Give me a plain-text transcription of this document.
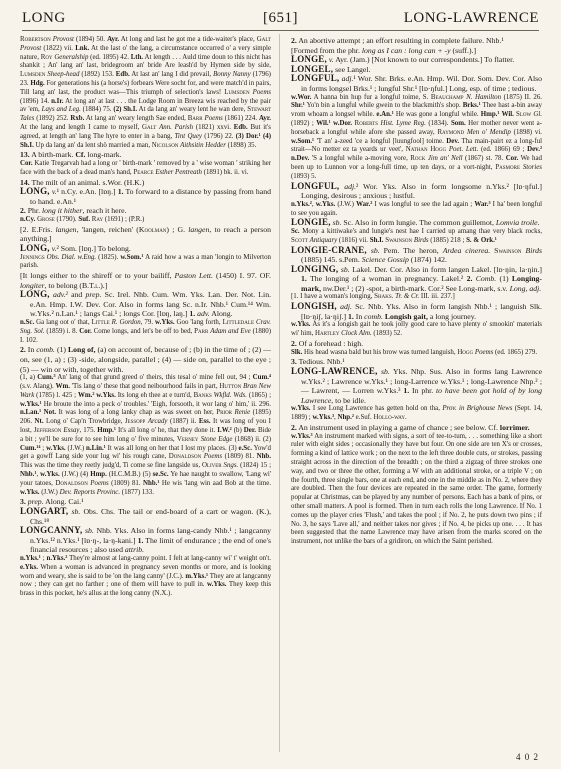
LONG	[651]	LONG-LAWRENCE

Robertson Provost (1894) 50. Ayr. At long and last he got me a tide-waiter's place, Galt Provost (1822) vii. Lnk. At the last o' the lang, a circumstance occurred o' a very simple nature, Roy Generalship (ed. 1895) 42. Lth. At length . . . Auld time doun to this nicht has shankit ; An' lang an' last, bridegroom an' bride Are leash'd by Hymen side by side, Lumsden Sheep-head (1892) 153. Edb. At last an' lang I did prevail, Bonny Nanny (1796) 23. Hdg. For generations his (a horse's) forbears Were socht for, and were match'd in pairs, Till lang an' last, the product was—This triumph of selection's laws! Lumsden Poems (1896) 14. n.Ir. At long an' at last . . . the Lodge Room in Breeza wis reached by the pair av 'em, Lays and Leg. (1884) 75. (2) Sh.I. At da lang an' weary lent he wan dere, Stewart Tales (1892) 252. Rxb. At lang an' weary length Sae ended, Barr Poems (1861) 224. Ayr. At the lang and length I came to myself, Galt Ann. Parish (1821) xxvi. Edb. But it's agreed, at length an' lang The hyre to enter in a bang, Tint Quey (1796) 22. (3) Dor.¹ (4) Sh.I. Up da lang an' da lent shö married a man, Nicolson Aithsitin Hedder (1898) 35.

13. A birth-mark. Cf. long-mark.

Cor. Katie Tregarvah had a long or ' birth-mark ' removed by a ' wise woman ' striking her face with the back of a dead man's hand, Pearce Esther Pentreath (1891) bk. ii. vi.

14. The milt of an animal. s.Wor. (H.K.)

LONG, v.¹ n.Cy. e.An. [lɒŋ.] 1. To forward to a distance by passing from hand to hand. e.An.¹

2. Phr. long it hither, reach it here.

n.Cy. Grose (1790). Suf. Ray (1691) ; (P.R.)

[2. E.Fris. langen, 'langen, reichen' (Koolman) ; G. langen, to reach a person anything.]

LONG, v.² Som. [lɒŋ.] To belong.

Jennings Obs. Dial. w.Eng. (1825). w.Som.¹ A raid how a was a man 'longin to Milverton parish.

[It longs either to the shireff or to your bailiff, Paston Lett. (1450) I. 97. OF. longiter, to belong (B.T.l.).]

LONG, adv.² and prep. Sc. Irel. Nhb. Cum. Wm. Yks. Lan. Der. Not. Lin. e.An. Hmp. I.W. Dev. Cor. Also in forms lang Sc. n.Ir. Nhb.¹ Cum.¹⁴ Wm. w.Yks.² n.Lan.¹ ; langs Cai.¹ ; longs Cor. [lɒŋ, laŋ.] 1. adv. Along.

n.Sc. Ga lang oot o' that, Little R. Gordon, 79. w.Yks. Goo 'lang forth, Littledale Crav. Sng. Sol. (1859) i. 8. Cor. Come longs, and let's be off to bed, Parr Adam and Eve (1880) I. 102.

2. In comb. (1) Long of, (a) on account of, because of ; (b) in the time of ; (2) — on, see (1, a) ; (3) -side, alongside, parallel ; (4) — side on, parallel to the eye ; (5) — win or with, together with.

(1, a) Cum.³ An' lang of that grund greed o' theirs, this tesal o' mine fell out, 94 ; Cum.⁴ (s.v. Alang). Wm. 'Tis lang o' these that good neibourhood fails in part, Hutton Bran New Wark (1785) l. 425 ; Wm.² w.Yks. Its long eh thee at e turn'd, Banks Wkfld. Wds. (1865) ; w.Yks.¹ He broute the into a peck o' troubles.' 'Eigh, forsooth, it wor lang o' him,' ii. 296. n.Lan.¹ Not. It was long of a long lanky chap as was sweet on her, Prior Renie (1895) 206. Nt. Long o' Cap'n Trowbridge, Jessopp Arcady (1887) ii. Ess. It was long of you I lost, Jefferson Essay, 175. Hmp.¹ It's all long o' he, that they done it. I.W.² (b) Der. Bide a bit ; ye'll be sure for to see him long o' five minutes, Verney Stone Edge (1868) ii. (2) Cum.¹⁴ ; w.Yks. (J.W.) n.Lin.¹ It was all long on her that I lost my places. (3) e.Sc. Yow'd get a gowff Lang side your lug wi' his rough cane, Donaldson Poems (1809) 81. Nhb. This was the time they reetly judg'd, Ti come se fine langside us, Oliver Sngs. (1824) 15 ; Nhb.¹, w.Yks. (J.W.) (4) Hmp. (H.C.M.B.) (5) se.Sc. Ye hae naught to swallow, 'Lang wi' your tatoes, Donaldson Poems (1809) 81. Nhb.¹ He wis 'lang win aad Bob at the time. w.Yks. (J.W.) Dev. Reports Provinc. (1877) 133.

3. prep. Along. Cai.¹

LONGART, sb. Obs. Chs. The tail or end-board of a cart or wagon. (K.), Chs.¹⁸

LONGCANNY, sb. Nhb. Yks. Also in forms lang-candy Nhb.¹ ; langcanny n.Yks.¹² n.Yks.¹ [lɒ·ŋ-, la·ŋ-kani.] 1. The limit of endurance ; the end of one's financial resources ; also used attrib.

n.Yks.¹ ; n.Yks.² They're almost at lang-canny point. I felt at lang-canny wi' t' weight on't. e.Yks. When a woman is advanced in pregnancy seven months or more, and is looking worn and weary, she is said to be 'on the lang canny' (J.C.). m.Yks.¹ They are at langcanny now ; they can get no farther ; one of them will have to pull in. w.Yks. They keep this brass in this pocket, he's allus at the long canny (N.X.).

2. An abortive attempt ; an effort resulting in complete failure. Nhb.¹

[Formed from the phr. long as I can : long can + -y (suff.).]

LONGE, v. Ayr. (Jam.) [Not known to our correspondents.] To flatter.

LONGEL, see Langel.

LONGFUL, adj.¹ Wor. Shr. Brks. e.An. Hmp. Wil. Dor. Som. Dev. Cor. Also in forms longsel Brks.¹ ; lungful Shr.¹ [lɒ·ŋful.] Long, esp. of time ; tedious.

w.Wor. A hanna bin hup fur a longful toime, S. Beauchamp N. Hamilton (1875) II. 26. Shr.¹ Yo'n bin a lungful while gwein to the blackmith's shop. Brks.¹ Thee hast a-bin away vrom whoam a longsel while. e.An.¹ He was gone a longful while. Hmp.¹ Wil. Slow Gl. (1892) ; Wil.¹ w.Dor. Roberts Hist. Lyme Reg. (1834). Som. Her mother never went a-horseback a longful while afore she passed away, Raymond Men o' Mendip (1898) vi. w.Som.¹ 'T an' a-zeed 'ce a longful [luungfool] toime. Dev. Tha main-pairt ez a long-ful strait—No metter ez ta yeards ur veet', Nathan Hogg Poet. Lett. (ed. 1866) 69 ; Dev.² n.Dev. 'S a longful while a-moving vore, Rock Jim an' Nell (1867) st. 78. Cor. We had been up to Lunnon vor a long-full time, up ten days, or a vort-night, Pasmore Stories (1893) 5.

LONGFUL, adj.² Wor. Yks. Also in form longsome n.Yks.² [lɒ·ŋful.] Longing, desirous ; anxious ; lustful.

n.Yks.², w.Yks. (J.W.) War.² I was longful to see the lad again ; War.³ I ha' been longful to see you again.

LONGIE, sb. Sc. Also in form lungie. The common guillemot, Lomvia troile.

Sc. Mony a kittiwake's and lungie's nest hae I carried up amang thae very black rocks, Scott Antiquary (1816) vii. Sh.I. Swainson Birds (1885) 218 ; S. & Ork.¹

LONGIE-CRANE, sb. Pem. The heron, Ardea cinerea. Swainson Birds (1885) 145. s.Pem. Science Gossip (1874) 142.

LONGING, sb. Lakel. Der. Cor. Also in form langen Lakel. [lɒ·ŋin, la·ŋin.] 1. The longing of a woman in pregnancy. Lakel.² 2. Comb. (1) Longing-mark, nw.Der.¹ ; (2) -spot, a birth-mark. Cor.² See Long-mark, s.v. Long, adj.

[1. I have a woman's longing, Shaks. Tr. & Cr. III. iii. 237.]

LONGISH, adj. Sc. Nhb. Yks. Also in form langish Nhb.¹ ; languish Slk. [lɒ·ŋiʃ, la·ŋiʃ.] 1. In comb. Longish gait, a long journey.

w.Yks. As it's a longish gait he took jolly good care to have plenty o' smookin' materials wi' him, Hartley Clock Alm. (1893) 52.

2. Of a forehead : high.

Slk. His head wasna bald but his brow was turned languish, Hogg Poems (ed. 1865) 279.

3. Tedious. Nhb.¹

LONG-LAWRENCE, sb. Yks. Nhp. Sus. Also in forms lang Lawrence w.Yks.² ; Lawrence w.Yks.¹ ; long-Larrence w.Yks.¹ ; long-Lawrence Nhp.² ; — Lawrent, — Lorren w.Yks.³ 1. In phr. to have been got hold of by long Lawrence, to be idle.

w.Yks. I see Long Lawrence has getten hold on tha, Prov. in Brighouse News (Sept. 14, 1889) ; w.Yks.³, Nhp.² e.Suf. Hollo-way.

2. An instrument used in playing a game of chance ; see below. Cf. lorrimer.

w.Yks.³ An instrument marked with signs, a sort of tee-to-tum, . . . something like a short ruler with eight sides ; occasionally they have but four. On one side are ten X's or crosses, forming a kind of lattice work ; on the next to the left three double cuts, or strokes, passing straight across in the direction of the breadth ; on the third a zigzag of three strokes one way, and two or three the other, forming a W with an additional stroke, or a triple V ; on the fourth, three single bars, one at each end, and one in the middle as in No. 2, where they are doubled. Then the four devices are repeated in the same order. The game, formerly popular at Christmas, can be played by any number of persons. Each has a bank of pins, or other small matters. A pool is formed. Then in turn each rolls the long Lawrence. If No. 1 comes up the player cries 'Flush,' and takes the pool ; if No. 2, he puts down two pins ; if No. 3, he says 'Lave all,' and neither takes nor gives ; if No. 4, he picks up one. . . . It has been suggested that the name Lawrence may have arisen from the marks scored on the instrument, not unlike the bars of a gridiron, on which the Saint perished.

4 0 2
